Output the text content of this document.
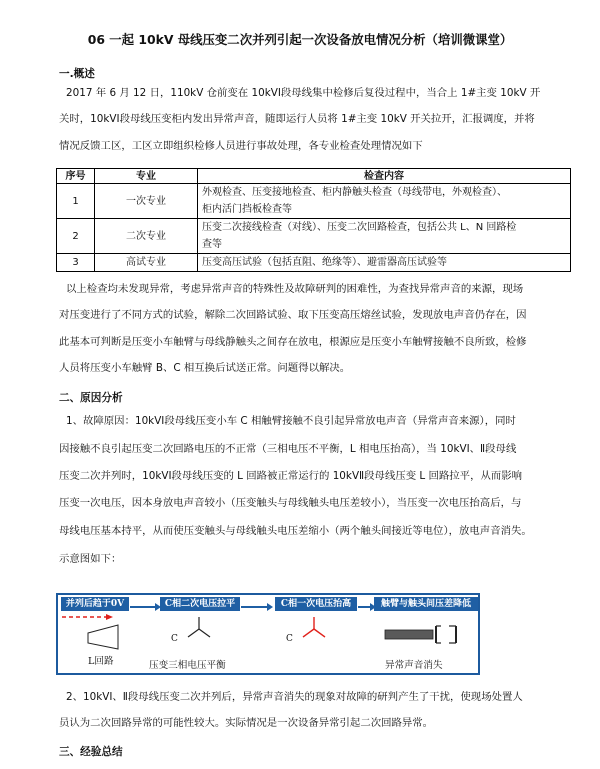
06 一起 10kV 母线压变二次并列引起一次设备放电情况分析（培训微课堂）
一.概述
2017 年 6 月 12 日，110kV 仓前变在 10kVⅠ段母线集中检修后复役过程中，当合上 1#主变 10kV 开
关时，10kVⅠ段母线压变柜内发出异常声音，随即运行人员将 1#主变 10kV 开关拉开，汇报调度，并将
情况反馈工区，工区立即组织检修人员进行事故处理，各专业检查处理情况如下
序号	专业	检查内容
1	一次专业	外观检查、压变接地检查、柜内静触头检查（母线带电，外观检查）、
柜内活门挡板检查等

2	二次专业	压变二次接线检查（对线）、压变二次回路检查，包括公共 L、N 回路检
查等

3	高试专业	压变高压试验（包括直阻、绝缘等）、避雷器高压试验等
以上检查均未发现异常，考虑异常声音的特殊性及故障研判的困难性，为查找异常声音的来源，现场
对压变进行了不同方式的试验，解除二次回路试验、取下压变高压熔丝试验，发现放电声音仍存在，因
此基本可判断是压变小车触臂与母线静触头之间存在放电，根源应是压变小车触臂接触不良所致，检修
人员将压变小车触臂 B、C 相互换后试送正常。问题得以解决。
二、原因分析
1、故障原因：10kVⅠ段母线压变小车 C 相触臂接触不良引起异常放电声音（异常声音来源），同时
因接触不良引起压变二次回路电压的不正常（三相电压不平衡，L 相电压抬高），当 10kVⅠ、Ⅱ段母线
压变二次并列时，10kVⅠ段母线压变的 L 回路被正常运行的 10kVⅡ段母线压变 L 回路拉平，从而影响
压变一次电压，因本身放电声音较小（压变触头与母线触头电压差较小），当压变一次电压抬高后，与
母线电压基本持平，从而使压变触头与母线触头电压差缩小（两个触头间接近等电位），放电声音消失。
示意图如下：
并列后趋于0V	C相二次电压拉平	C相一次电压抬高	触臂与触头间压差降低
C	C
L回路	压变三相电压平衡	异常声音消失
2、10kVⅠ、Ⅱ段母线压变二次并列后，异常声音消失的现象对故障的研判产生了干扰，使现场处置人
员认为二次回路异常的可能性较大。实际情况是一次设备异常引起二次回路异常。
三、经验总结
